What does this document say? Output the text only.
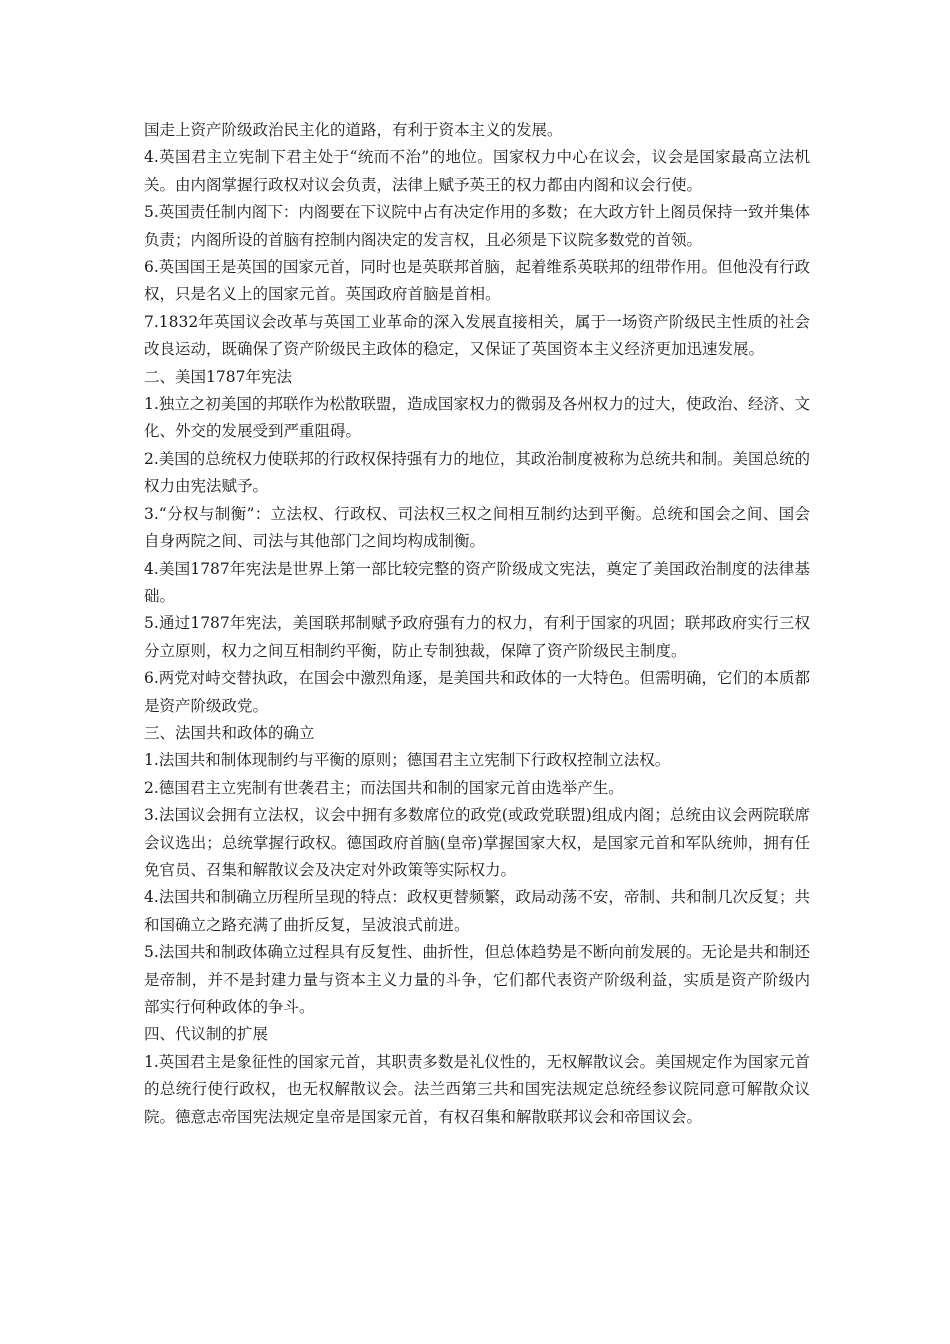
国走上资产阶级政治民主化的道路，有利于资本主义的发展。

4.英国君主立宪制下君主处于“统而不治”的地位。国家权力中心在议会，议会是国家最高立法机关。由内阁掌握行政权对议会负责，法律上赋予英王的权力都由内阁和议会行使。

5.英国责任制内阁下：内阁要在下议院中占有决定作用的多数；在大政方针上阁员保持一致并集体负责；内阁所设的首脑有控制内阁决定的发言权，且必须是下议院多数党的首领。

6.英国国王是英国的国家元首，同时也是英联邦首脑，起着维系英联邦的纽带作用。但他没有行政权，只是名义上的国家元首。英国政府首脑是首相。

7.1832年英国议会改革与英国工业革命的深入发展直接相关，属于一场资产阶级民主性质的社会改良运动，既确保了资产阶级民主政体的稳定，又保证了英国资本主义经济更加迅速发展。

二、美国1787年宪法

1.独立之初美国的邦联作为松散联盟，造成国家权力的微弱及各州权力的过大，使政治、经济、文化、外交的发展受到严重阻碍。

2.美国的总统权力使联邦的行政权保持强有力的地位，其政治制度被称为总统共和制。美国总统的权力由宪法赋予。

3.“分权与制衡”：立法权、行政权、司法权三权之间相互制约达到平衡。总统和国会之间、国会自身两院之间、司法与其他部门之间均构成制衡。

4.美国1787年宪法是世界上第一部比较完整的资产阶级成文宪法，奠定了美国政治制度的法律基础。

5.通过1787年宪法，美国联邦制赋予政府强有力的权力，有利于国家的巩固；联邦政府实行三权分立原则，权力之间互相制约平衡，防止专制独裁，保障了资产阶级民主制度。

6.两党对峙交替执政，在国会中激烈角逐，是美国共和政体的一大特色。但需明确，它们的本质都是资产阶级政党。

三、法国共和政体的确立

1.法国共和制体现制约与平衡的原则；德国君主立宪制下行政权控制立法权。

2.德国君主立宪制有世袭君主；而法国共和制的国家元首由选举产生。

3.法国议会拥有立法权，议会中拥有多数席位的政党(或政党联盟)组成内阁；总统由议会两院联席会议选出；总统掌握行政权。德国政府首脑(皇帝)掌握国家大权，是国家元首和军队统帅，拥有任免官员、召集和解散议会及决定对外政策等实际权力。

4.法国共和制确立历程所呈现的特点：政权更替频繁，政局动荡不安，帝制、共和制几次反复；共和国确立之路充满了曲折反复，呈波浪式前进。

5.法国共和制政体确立过程具有反复性、曲折性，但总体趋势是不断向前发展的。无论是共和制还是帝制，并不是封建力量与资本主义力量的斗争，它们都代表资产阶级利益，实质是资产阶级内部实行何种政体的争斗。

四、代议制的扩展

1.英国君主是象征性的国家元首，其职责多数是礼仪性的，无权解散议会。美国规定作为国家元首的总统行使行政权，也无权解散议会。法兰西第三共和国宪法规定总统经参议院同意可解散众议院。德意志帝国宪法规定皇帝是国家元首，有权召集和解散联邦议会和帝国议会。
